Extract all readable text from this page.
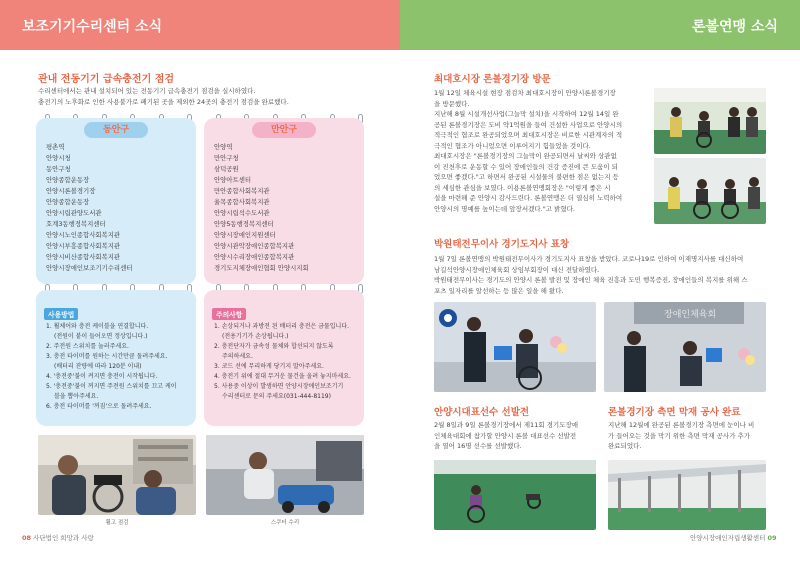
보조기기수리센터 소식
관내 전동기기 급속충전기 점검
수리센터에서는 관내 설치되어 있는 전동기기 급속충전기 점검을 실시하였다.
충전기의 노후화로 인한 사용불가로 폐기된 곳을 제외한 24곳의 충전기 점검을 완료했다.
동안구
평촌역
안양시청
동안구청
안양종합운동장
안양시론볼경기장
안양종합운동장
안양시립관양도서관
호계3동행정복지센터
안양시노인종합사회복지관
안양시부흥종합사회복지관
안양시비산종합사회복지관
안양시장애인보조기기수리센터
만안구
안양역
만안구청
삼덕공원
안양아트센터
만안종합사회복지관
율목종합사회복지관
안양시립석수도서관
안양5동행정복지센터
안양시장애인지원센터
안양시관악장애인종합복지관
안양시수리장애인종합복지관
경기도지체장애인협회 안양시지회
사용방법
1. 휠체어와 충전 케이블을 연결합니다.
(전원이 붙이 들어오면 정상입니다.)
2. 주전원 스위치를 눌러주세요.
3. 충전 타이머를 원하는 시간만큼 돌려주세요.
(배터리 잔량에 따라 120분 이내)
4. '충전중'불이 켜지면 충전이 시작됩니다.
5. '충전중'불이 꺼지면 주전원 스위치를 끄고 케이
블을 뽑아주세요.
6. 충전 타이머를 '꺼짐'으로 돌려주세요.
주의사항
1. 손상되거나 과방전 된 배터리 충전은 금물입니다.
(전용기기가 손상됩니다.)
2. 충전단자가 금속성 물체와 합선되지 않도록
주의하세요.
3. 코드 선에 무리하게 당기지 말아주세요.
4. 충전기 위에 절대 무거운 물건을 올려 놓지마세요.
5. 사용중 이상이 발생하면 안양시장애인보조기기
수리센터로 문의 주세요(031-444-8119)
휠고 점검	스쿠터 수리
08 사단법인 희망과 사랑
론볼연맹 소식
최대호시장 론볼경기장 방문
1월 12일 체육시설 현장 점검차 최대호시장이 안양시론볼경기장
을 방문했다.
지난해 8월 시설개선사업(그늘막 설치)을 시작하여 12월 14일 완
공된 론볼경기장은 도비 약1억원을 들여 건설한 사업으로 안양시의
적극적인 협조로 완공되었으며 최대호시장은 비로한 시관계자의 적
극적인 협조가 아니었으면 이루어지기 힘들었을 것이다.
최대호시장은 "론볼경기장의 그늘막이 완공되면서 날씨와 상관없
이 진천후로 운동할 수 있어 장애인들의 건강 증진에 큰 도움이 되
었으면 좋겠다."고 하면서 완공된 시설물의 불편한 점은 없는지 등
의 세심한 관심을 보였다. 이용론볼연맹회장은 "이렇게 좋은 시
설을 마련해 준 안양시 감사드린다. 론볼연맹은 더 열심히 노력하여
안양시의 명예를 높이는데 앞장서겠다."고 밝혔다.
박원태전무이사 경기도지사 표창
1월 7일 론볼연맹의 박원태전무이사가 경기도지사 표창을 받았다. 코로나19로 인하여 이재명지사를 대신하여
남길석안양시장애인체육회 상임부회장이 대신 전달하였다.
박원태전무이사는 경기도의 안양시 론볼 발전 및 장애인 체육 진흥과 도민 행복증진, 장애인들의 복지를 위해 스
포츠 일자리를 알선하는 등 많은 일을 해 왔다.
장애인체육회
안양시대표선수 선발전
2월 8일과 9일 론볼경기장에서 제11회 경기도장애
인체육대회에 참가할 안양시 론볼 대표선수 선발전
을 열어 16명 선수를 선발했다.
론볼경기장 측면 막재 공사 완료
지난해 12월에 완공된 론볼경기장 측면에 눈이나 비
가 들어오는 것을 막기 위한 측면 막재 공사가 추가
완료되었다.
안양시장애인자립생활센터 09
